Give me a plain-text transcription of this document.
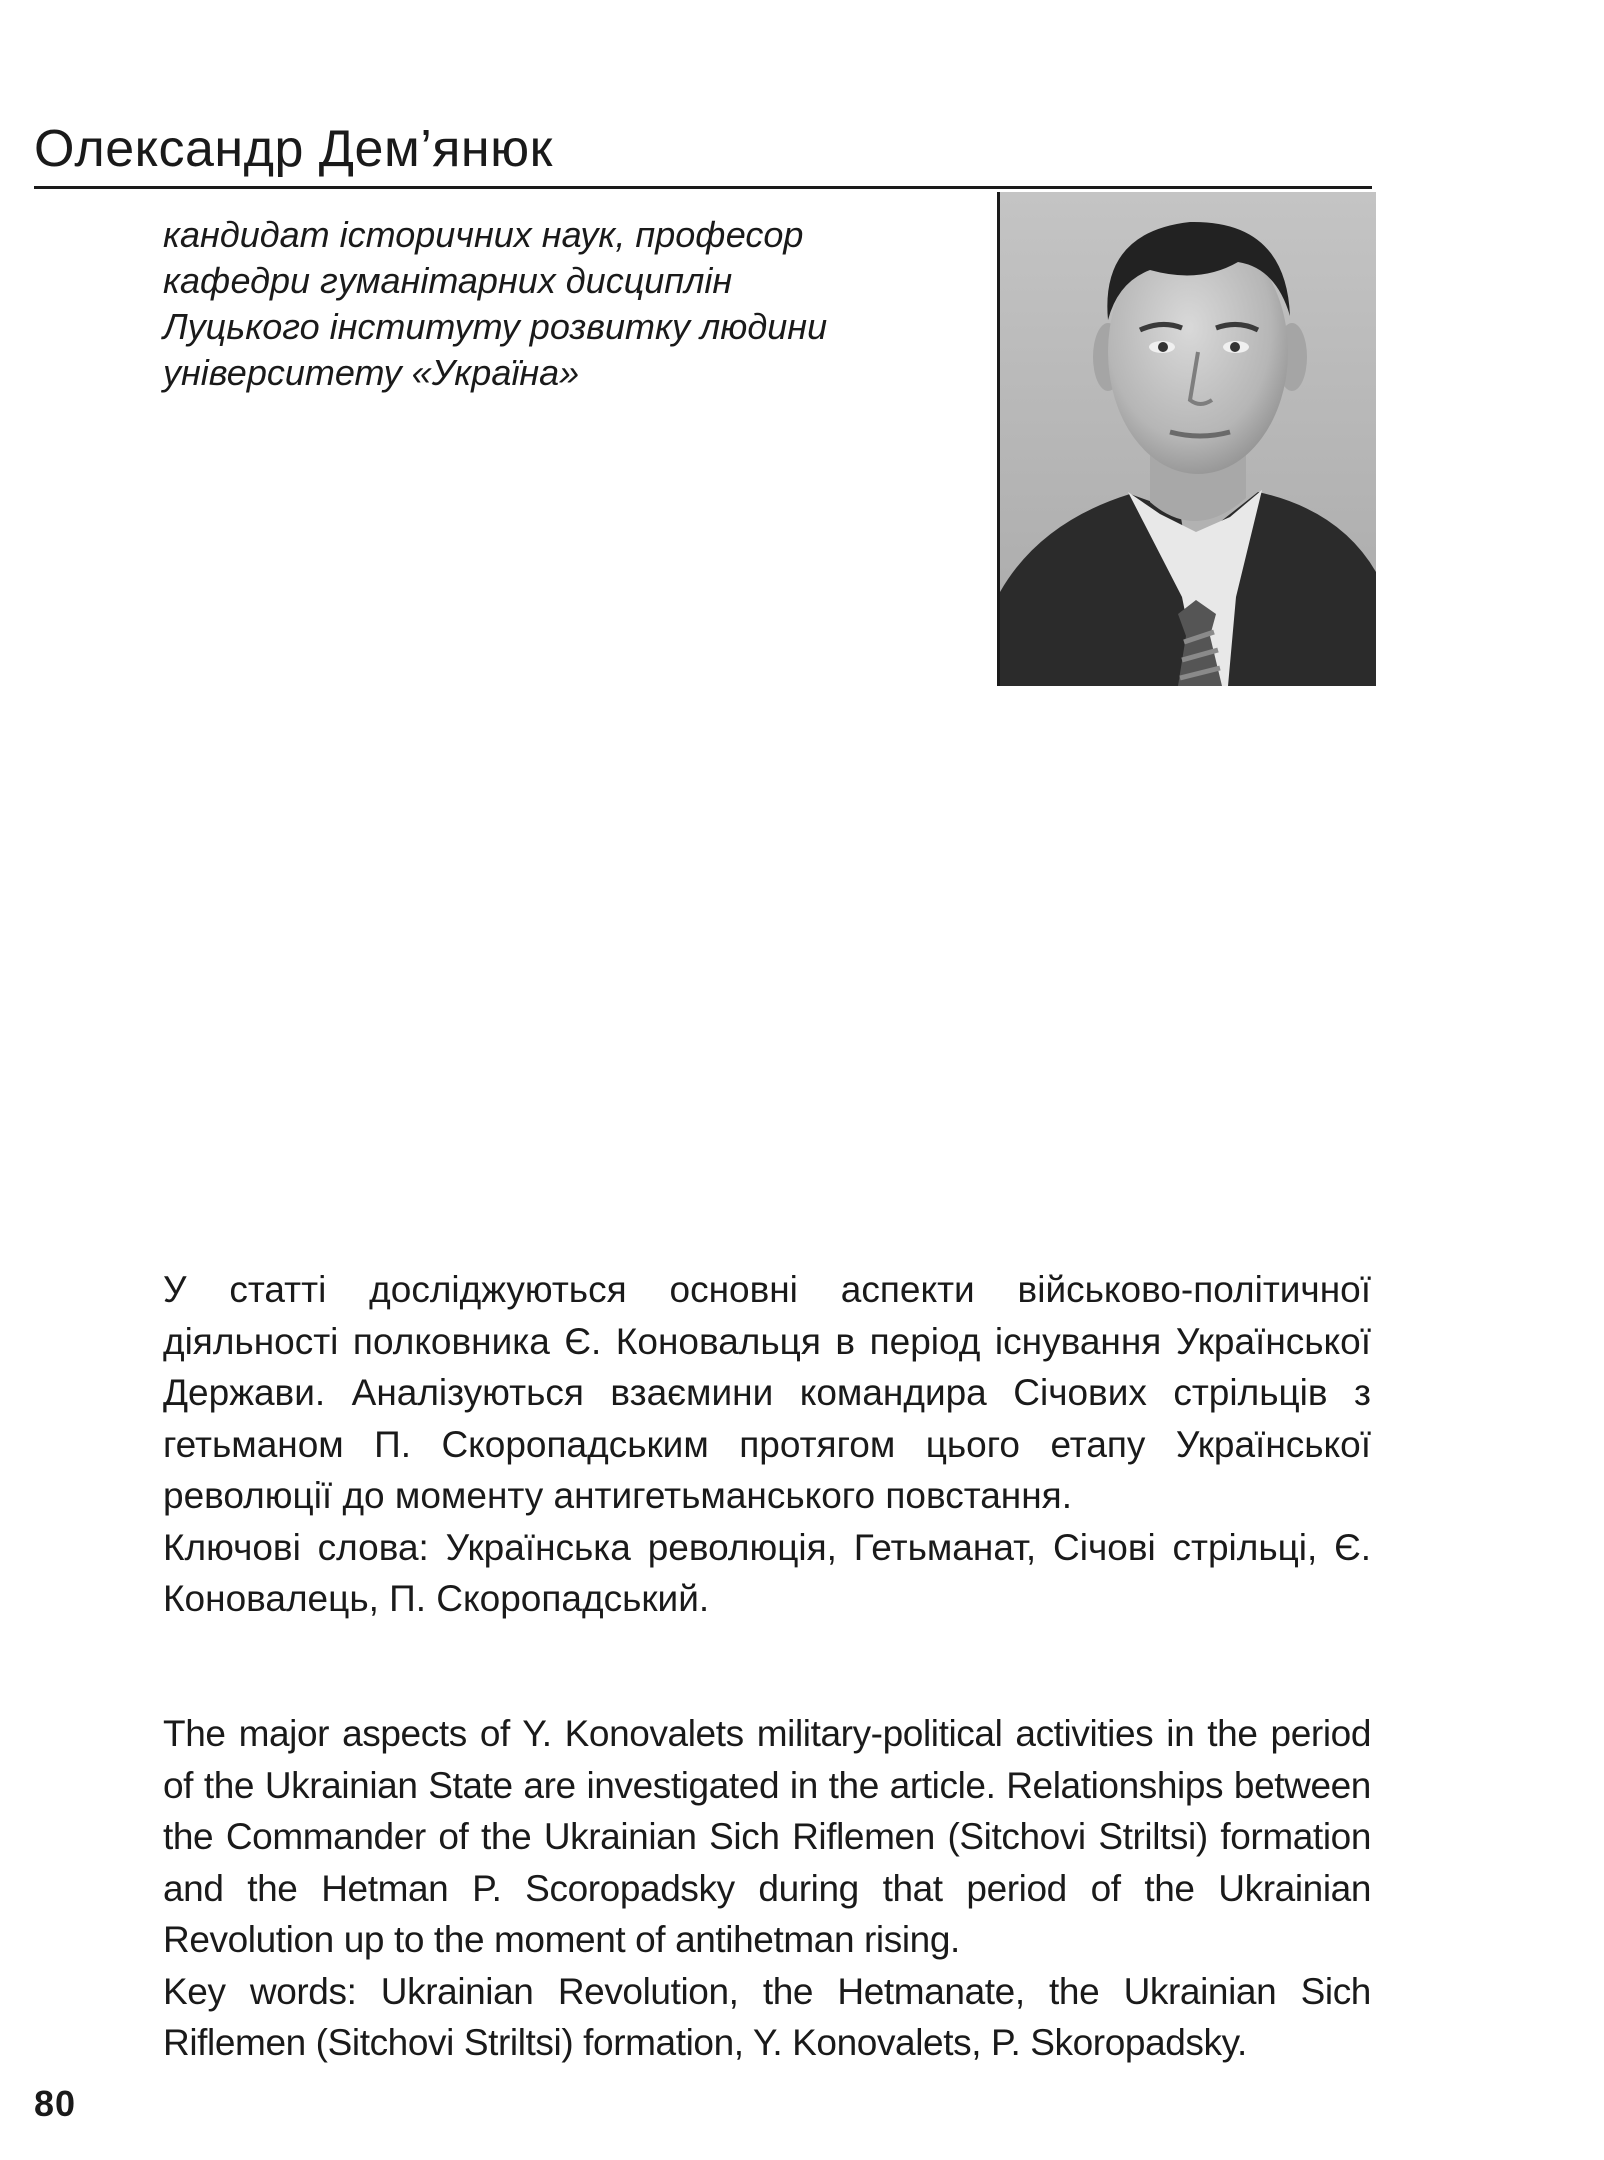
Олександр Дем’янюк
кандидат історичних наук, професор
кафедри гуманітарних дисциплін
Луцького інституту розвитку людини
університету «Україна»

У статті досліджуються основні аспекти військово-політичної діяльності полковника Є. Коновальця в період існування Української Держави. Аналізуються взаємини командира Січових стрільців з гетьманом П. Скоропадським протягом цього етапу Української революції до моменту антигетьманського повстання.

Ключові слова: Українська революція, Гетьманат, Січові стрільці, Є. Коновалець, П. Скоропадський.

The major aspects of Y. Konovalets military-political activities in the period of the Ukrainian State are investigated in the article. Relationships between the Commander of the Ukrainian Sich Riflemen (Sitchovi Striltsi) formation and the Hetman P. Scoropadsky during that period of the Ukrainian Revolution up to the moment of antihetman rising.

Key words: Ukrainian Revolution, the Hetmanate, the Ukrainian Sich Riflemen (Sitchovi Striltsi) formation, Y. Konovalets, P. Skoropadsky.

80
